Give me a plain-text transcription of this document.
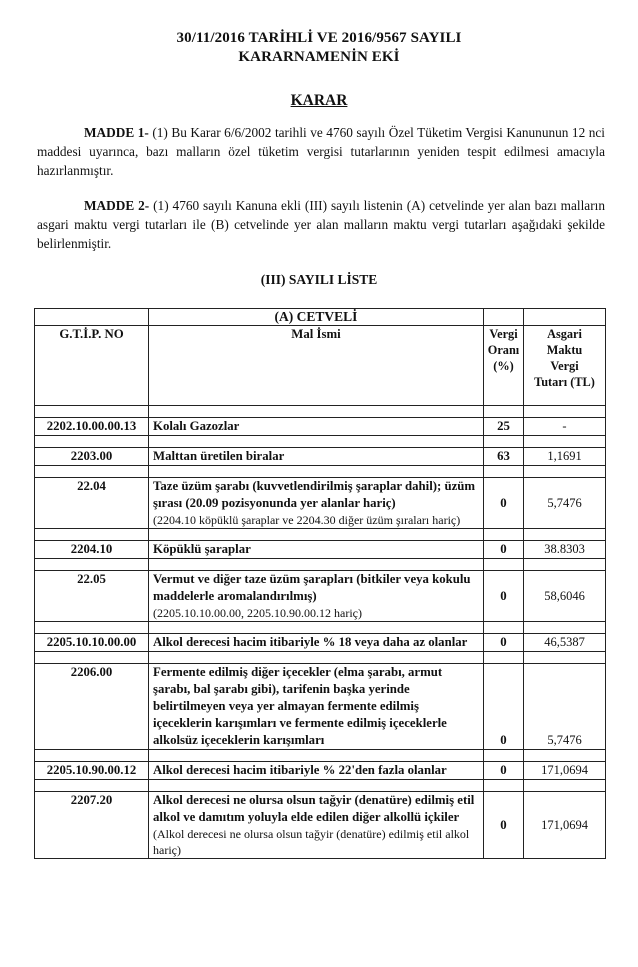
30/11/2016 TARİHLİ VE 2016/9567 SAYILI
KARARNAMENİN EKİ
KARAR
MADDE 1- (1) Bu Karar 6/6/2002 tarihli ve 4760 sayılı Özel Tüketim Vergisi Kanununun 12 nci maddesi uyarınca, bazı malların özel tüketim vergisi tutarlarının yeniden tespit edilmesi amacıyla hazırlanmıştır.
MADDE 2- (1) 4760 sayılı Kanuna ekli (III) sayılı listenin (A) cetvelinde yer alan bazı malların asgari maktu vergi tutarları ile (B) cetvelinde yer alan malların maktu vergi tutarları aşağıdaki şekilde belirlenmiştir.
(III) SAYILI LİSTE
	(A) CETVELİ		
G.T.İ.P. NO	Mal İsmi	Vergi
Oranı
(%)	Asgari
Maktu
Vergi
Tutarı (TL)

2202.10.00.00.13	Kolalı Gazozlar	25	-

2203.00	Malttan üretilen biralar	63	1,1691

22.04	Taze üzüm şarabı (kuvvetlendirilmiş şaraplar dahil); üzüm şırası (20.09 pozisyonunda yer alanlar hariç)
(2204.10 köpüklü şaraplar ve 2204.30 diğer üzüm şıraları hariç)	0	5,7476

2204.10	Köpüklü şaraplar	0	38.8303

22.05	Vermut ve diğer taze üzüm şarapları (bitkiler veya kokulu maddelerle aromalandırılmış)
(2205.10.10.00.00, 2205.10.90.00.12 hariç)	0	58,6046

2205.10.10.00.00	Alkol derecesi hacim itibariyle % 18 veya daha az olanlar	0	46,5387

2206.00	Fermente edilmiş diğer içecekler (elma şarabı, armut şarabı, bal şarabı gibi), tarifenin başka yerinde belirtilmeyen veya yer almayan fermente edilmiş içeceklerin karışımları ve fermente edilmiş içeceklerle alkolsüz içeceklerin karışımları	0	5,7476

2205.10.90.00.12	Alkol derecesi hacim itibariyle % 22'den fazla olanlar	0	171,0694

2207.20	Alkol derecesi ne olursa olsun tağyir (denatüre) edilmiş etil alkol ve damıtım yoluyla elde edilen diğer alkollü içkiler
(Alkol derecesi ne olursa olsun tağyir (denatüre) edilmiş etil alkol hariç)	0	171,0694
